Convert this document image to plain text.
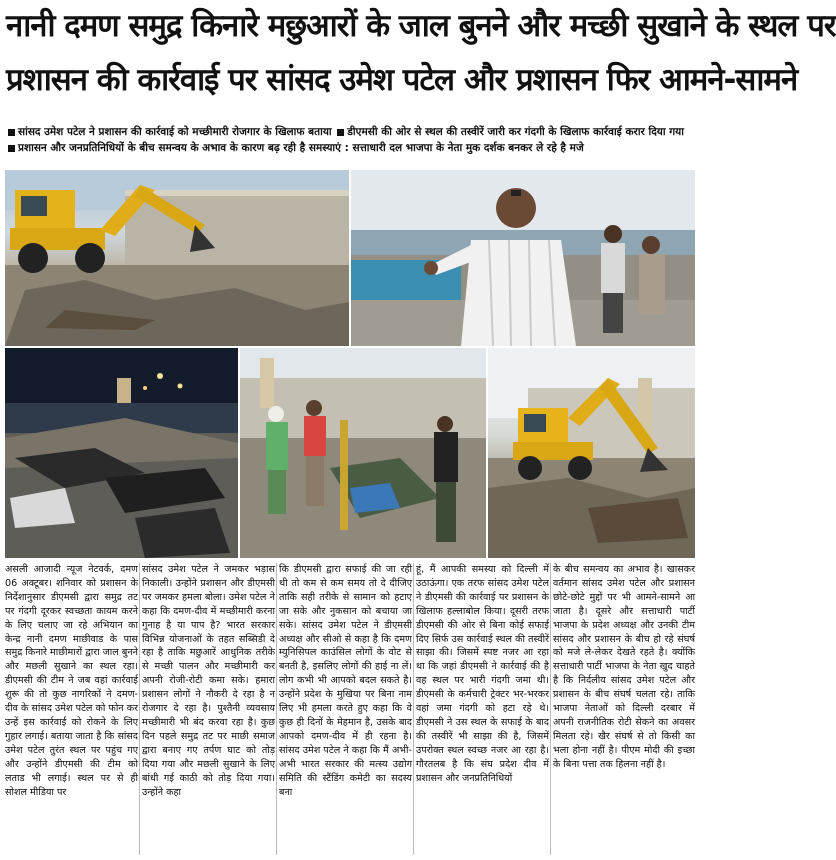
नानी दमण समुद्र किनारे मछुआरों के जाल बुनने और मच्छी सुखाने के स्थल पर
प्रशासन की कार्रवाई पर सांसद उमेश पटेल और प्रशासन फिर आमने-सामने
सांसद उमेश पटेल ने प्रशासन की कार्रवाई को मच्छीमारी रोजगार के खिलाफ बताया डीएमसी की ओर से स्थल की तस्वीरें जारी कर गंदगी के खिलाफ कार्रवाई करार दिया गया प्रशासन और जनप्रतिनिधियों के बीच समन्वय के अभाव के कारण बढ़ रही है समस्याएं : सत्ताधारी दल भाजपा के नेता मुक दर्शक बनकर ले रहे है मजे
असली आजादी न्यूज नेटवर्क, दमण 06 अक्टूबर। शनिवार को प्रशासन के निर्देशानुसार डीएमसी द्वारा समुद्र तट पर गंदगी दूरकर स्वच्छता कायम करने के लिए चलाए जा रहे अभियान का केन्द्र नानी दमण माछीवाड के पास समुद्र किनारे माछीमारों द्वारा जाल बुनने और मछली सुखाने का स्थल रहा। डीएमसी की टीम ने जब वहां कार्रवाई शुरू की तो कुछ नागरिकों ने दमण-दीव के सांसद उमेश पटेल को फोन कर उन्हें इस कार्रवाई को रोकने के लिए गुहार लगाई। बताया जाता है कि सांसद उमेश पटेल तुरंत स्थल पर पहुंच गए और उन्होंने डीएमसी की टीम को लताड भी लगाई। स्थल पर से ही सोशल मीडिया पर
सांसद उमेश पटेल ने जमकर भड़ास निकाली। उन्होंने प्रशासन और डीएमसी पर जमकर हमला बोला। उमेश पटेल ने कहा कि दमण-दीव में मच्छीमारी करना गुनाह है या पाप है? भारत सरकार विभिन्न योजनाओं के तहत सब्सिडी दे रहा है ताकि मछुआरें आधुनिक तरीके से मच्छी पालन और मच्छीमारी कर अपनी रोजी-रोटी कमा सके। हमारा प्रशासन लोगों ने नौकरी दे रहा है न रोजगार दे रहा है। पुश्तैनी व्यवसाय मच्छीमारी भी बंद करवा रहा है। कुछ दिन पहले समुद्र तट पर माछी समाज द्वारा बनाए गए तर्पण घाट को तोड़ दिया गया और मछली सुखाने के लिए बांधी गई काठी को तोड़ दिया गया। उन्होंने कहा
कि डीएमसी द्वारा सफाई की जा रही थी तो कम से कम समय तो दे दीजिए ताकि सही तरीके से सामान को हटाए जा सके और नुकसान को बचाया जा सके। सांसद उमेश पटेल ने डीएमसी अध्यक्ष और सीओ से कहा है कि दमण म्युनिसिपल काउंसिल लोगों के वोट से बनती है, इसलिए लोगों की हाई ना लें। लोग कभी भी आपको बदल सकते है। उन्होंने प्रदेश के मुखिया पर बिना नाम लिए भी हमला करते हुए कहा कि वे कुछ ही दिनों के मेहमान है, उसके बाद आपको दमण-दीव में ही रहना है। सांसद उमेश पटेल ने कहा कि मैं अभी-अभी भारत सरकार की मत्स्य उद्योग समिति की स्टैंडिंग कमेटी का सदस्य बना
हूं, मैं आपकी समस्या को दिल्ली में उठाऊंगा। एक तरफ सांसद उमेश पटेल ने डीएमसी की कार्रवाई पर प्रशासन के खिलाफ हल्लाबोल किया। दूसरी तरफ डीएमसी की ओर से बिना कोई सफाई दिए सिर्फ उस कार्रवाई स्थल की तस्वीरें साझा की। जिसमें स्पष्ट नजर आ रहा था कि जहां डीएमसी ने कार्रवाई की है वह स्थल पर भारी गंदगी जमा थी। डीएमसी के कर्मचारी ट्रेक्टर भर-भरकर वहां जमा गंदगी को हटा रहे थे। डीएमसी ने उस स्थल के सफाई के बाद की तस्वीरें भी साझा की है, जिसमें उपरोक्त स्थल स्वच्छ नजर आ रहा है। गौरतलब है कि संघ प्रदेश दीव में प्रशासन और जनप्रतिनिधियों
के बीच समन्वय का अभाव है। खासकर वर्तमान सांसद उमेश पटेल और प्रशासन छोटे-छोटे मुद्दों पर भी आमने-सामने आ जाता है। दूसरे और सत्ताधारी पार्टी भाजपा के प्रदेश अध्यक्ष और उनकी टीम सांसद और प्रशासन के बीच हो रहे संघर्ष को मजे ले-लेकर देखते रहते है। क्योंकि सत्ताधारी पार्टी भाजपा के नेता खुद चाहते है कि निर्दलीय सांसद उमेश पटेल और प्रशासन के बीच संघर्ष चलता रहे। ताकि भाजपा नेताओं को दिल्ली दरबार में अपनी राजनीतिक रोटी सेकने का अवसर मिलता रहे। खैर संघर्ष से तो किसी का भला होना नहीं है। पीएम मोदी की इच्छा के बिना पत्ता तक हिलना नहीं है।
